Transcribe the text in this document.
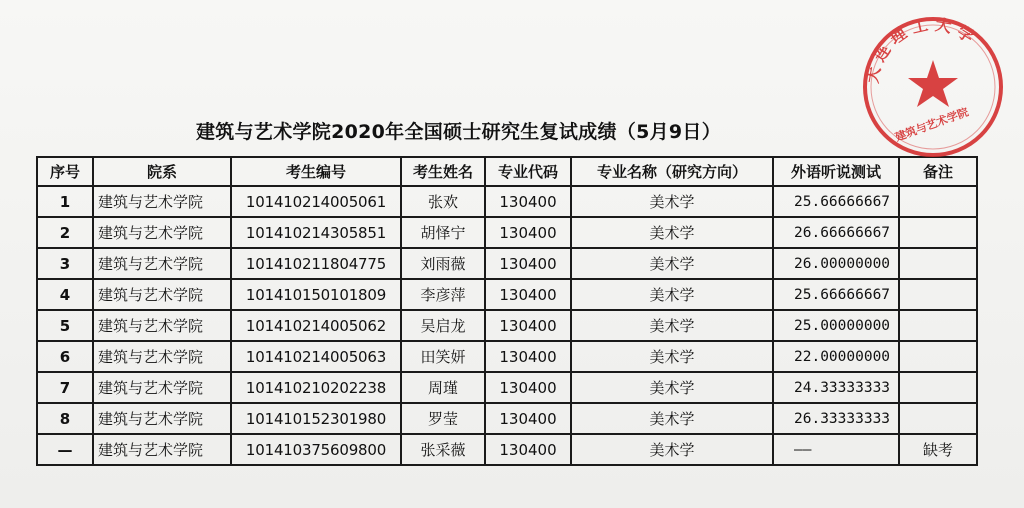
建筑与艺术学院2020年全国硕士研究生复试成绩（5月9日）
序号	院系	考生编号	考生姓名	专业代码	专业名称（研究方向）	外语听说测试	备注
1	建筑与艺术学院	101410214005061	张欢	130400	美术学	25.66666667	
2	建筑与艺术学院	101410214305851	胡怿宁	130400	美术学	26.66666667	
3	建筑与艺术学院	101410211804775	刘雨薇	130400	美术学	26.00000000	
4	建筑与艺术学院	101410150101809	李彦萍	130400	美术学	25.66666667	
5	建筑与艺术学院	101410214005062	吴启龙	130400	美术学	25.00000000	
6	建筑与艺术学院	101410214005063	田笑妍	130400	美术学	22.00000000	
7	建筑与艺术学院	101410210202238	周瑾	130400	美术学	24.33333333	
8	建筑与艺术学院	101410152301980	罗莹	130400	美术学	26.33333333	
—	建筑与艺术学院	101410375609800	张采薇	130400	美术学	——	缺考
大 连 理 工 大 学
建筑与艺术学院
